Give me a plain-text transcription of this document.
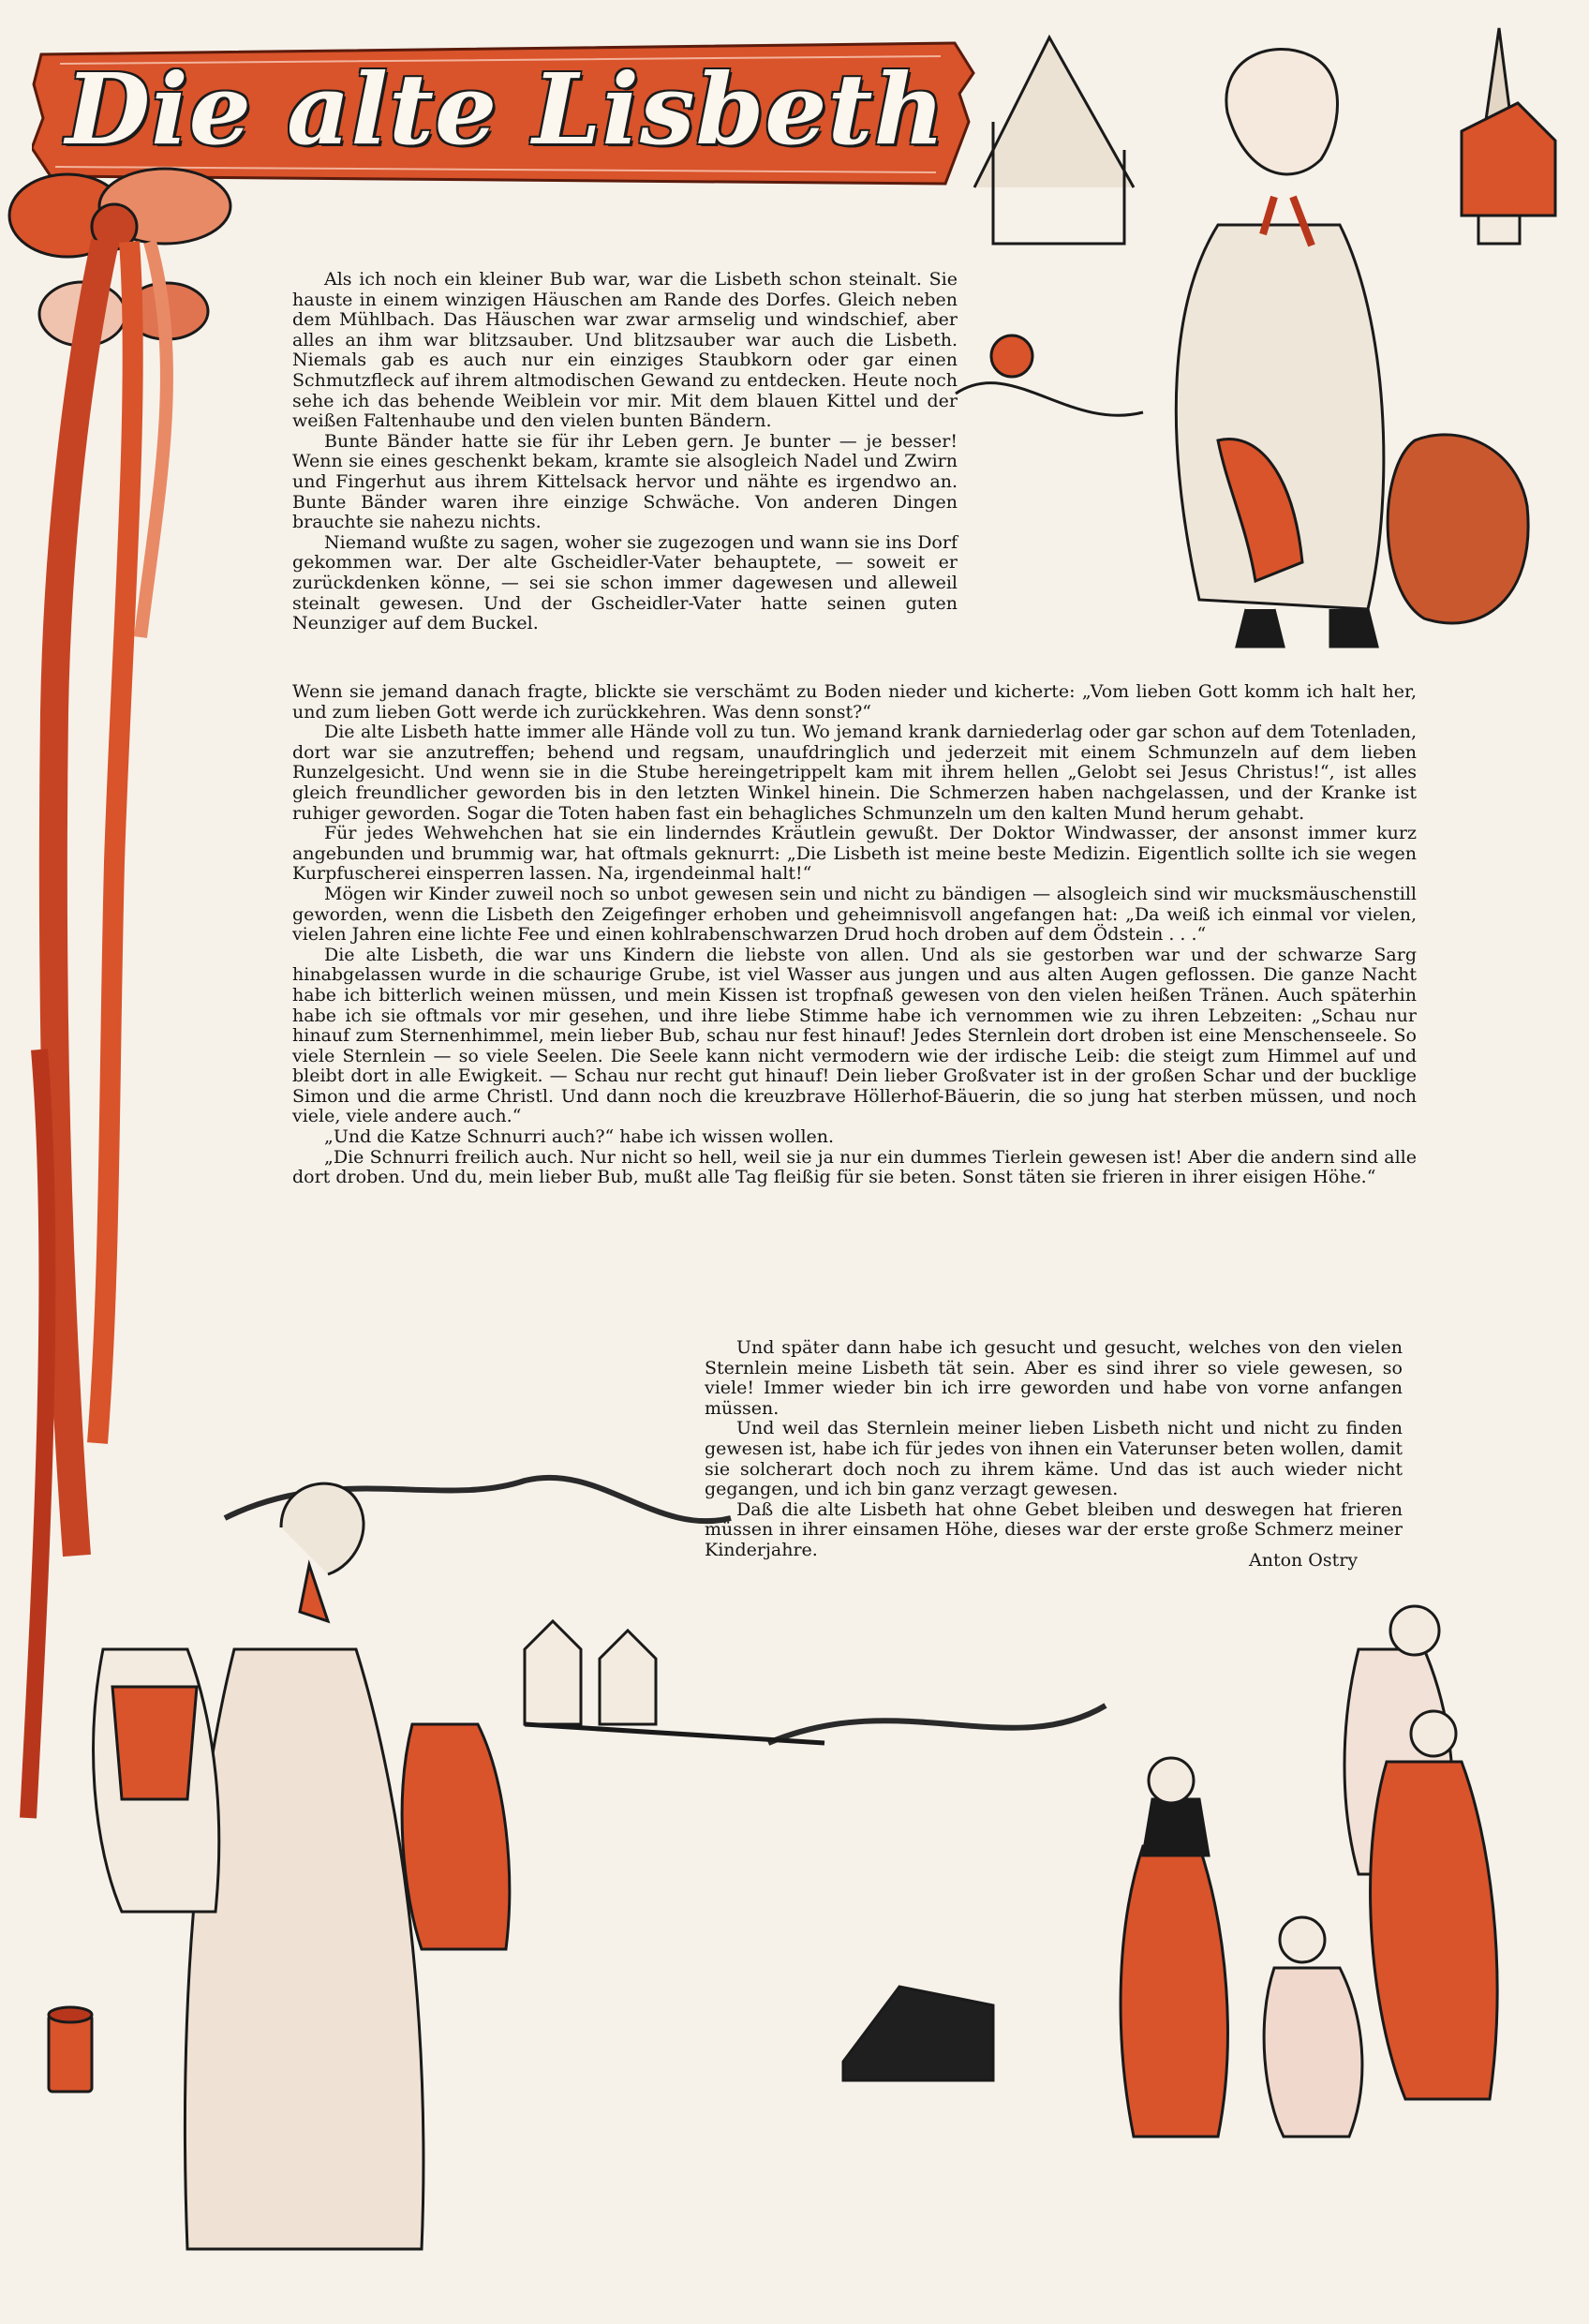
Die alte Lisbeth

Als ich noch ein kleiner Bub war, war die Lisbeth schon steinalt. Sie hauste in einem winzigen Häuschen am Rande des Dorfes. Gleich neben dem Mühlbach. Das Häuschen war zwar armselig und windschief, aber alles an ihm war blitzsauber. Und blitzsauber war auch die Lisbeth. Niemals gab es auch nur ein einziges Staubkorn oder gar einen Schmutzfleck auf ihrem altmodischen Gewand zu entdecken. Heute noch sehe ich das behende Weiblein vor mir. Mit dem blauen Kittel und der weißen Faltenhaube und den vielen bunten Bändern.

Bunte Bänder hatte sie für ihr Leben gern. Je bunter — je besser! Wenn sie eines geschenkt bekam, kramte sie alsogleich Nadel und Zwirn und Fingerhut aus ihrem Kittelsack hervor und nähte es irgendwo an. Bunte Bänder waren ihre einzige Schwäche. Von anderen Dingen brauchte sie nahezu nichts.

Niemand wußte zu sagen, woher sie zugezogen und wann sie ins Dorf gekommen war. Der alte Gscheidler-Vater behauptete, — soweit er zurückdenken könne, — sei sie schon immer dagewesen und alleweil steinalt gewesen. Und der Gscheidler-Vater hatte seinen guten Neunziger auf dem Buckel.

Wenn sie jemand danach fragte, blickte sie verschämt zu Boden nieder und kicherte: „Vom lieben Gott komm ich halt her, und zum lieben Gott werde ich zurückkehren. Was denn sonst?“

Die alte Lisbeth hatte immer alle Hände voll zu tun. Wo jemand krank darniederlag oder gar schon auf dem Totenladen, dort war sie anzutreffen; behend und regsam, unaufdringlich und jederzeit mit einem Schmunzeln auf dem lieben Runzelgesicht. Und wenn sie in die Stube hereingetrippelt kam mit ihrem hellen „Gelobt sei Jesus Christus!“, ist alles gleich freundlicher geworden bis in den letzten Winkel hinein. Die Schmerzen haben nachgelassen, und der Kranke ist ruhiger geworden. Sogar die Toten haben fast ein behagliches Schmunzeln um den kalten Mund herum gehabt.

Für jedes Wehwehchen hat sie ein linderndes Kräutlein gewußt. Der Doktor Windwasser, der ansonst immer kurz angebunden und brummig war, hat oftmals geknurrt: „Die Lisbeth ist meine beste Medizin. Eigentlich sollte ich sie wegen Kurpfuscherei einsperren lassen. Na, irgendeinmal halt!“

Mögen wir Kinder zuweil noch so unbot gewesen sein und nicht zu bändigen — alsogleich sind wir mucksmäuschenstill geworden, wenn die Lisbeth den Zeigefinger erhoben und geheimnisvoll angefangen hat: „Da weiß ich einmal vor vielen, vielen Jahren eine lichte Fee und einen kohlrabenschwarzen Drud hoch droben auf dem Ödstein . . .“

Die alte Lisbeth, die war uns Kindern die liebste von allen. Und als sie gestorben war und der schwarze Sarg hinabgelassen wurde in die schaurige Grube, ist viel Wasser aus jungen und aus alten Augen geflossen. Die ganze Nacht habe ich bitterlich weinen müssen, und mein Kissen ist tropfnaß gewesen von den vielen heißen Tränen. Auch späterhin habe ich sie oftmals vor mir gesehen, und ihre liebe Stimme habe ich vernommen wie zu ihren Lebzeiten: „Schau nur hinauf zum Sternenhimmel, mein lieber Bub, schau nur fest hinauf! Jedes Sternlein dort droben ist eine Menschenseele. So viele Sternlein — so viele Seelen. Die Seele kann nicht vermodern wie der irdische Leib: die steigt zum Himmel auf und bleibt dort in alle Ewigkeit. — Schau nur recht gut hinauf! Dein lieber Großvater ist in der großen Schar und der bucklige Simon und die arme Christl. Und dann noch die kreuzbrave Höllerhof-Bäuerin, die so jung hat sterben müssen, und noch viele, viele andere auch.“

„Und die Katze Schnurri auch?“ habe ich wissen wollen.

„Die Schnurri freilich auch. Nur nicht so hell, weil sie ja nur ein dummes Tierlein gewesen ist! Aber die andern sind alle dort droben. Und du, mein lieber Bub, mußt alle Tag fleißig für sie beten. Sonst täten sie frieren in ihrer eisigen Höhe.“

Und später dann habe ich gesucht und gesucht, welches von den vielen Sternlein meine Lisbeth tät sein. Aber es sind ihrer so viele gewesen, so viele! Immer wieder bin ich irre geworden und habe von vorne anfangen müssen.

Und weil das Sternlein meiner lieben Lisbeth nicht und nicht zu finden gewesen ist, habe ich für jedes von ihnen ein Vaterunser beten wollen, damit sie solcherart doch noch zu ihrem käme. Und das ist auch wieder nicht gegangen, und ich bin ganz verzagt gewesen.

Daß die alte Lisbeth hat ohne Gebet bleiben und deswegen hat frieren müssen in ihrer einsamen Höhe, dieses war der erste große Schmerz meiner Kinderjahre.

Anton Ostry
